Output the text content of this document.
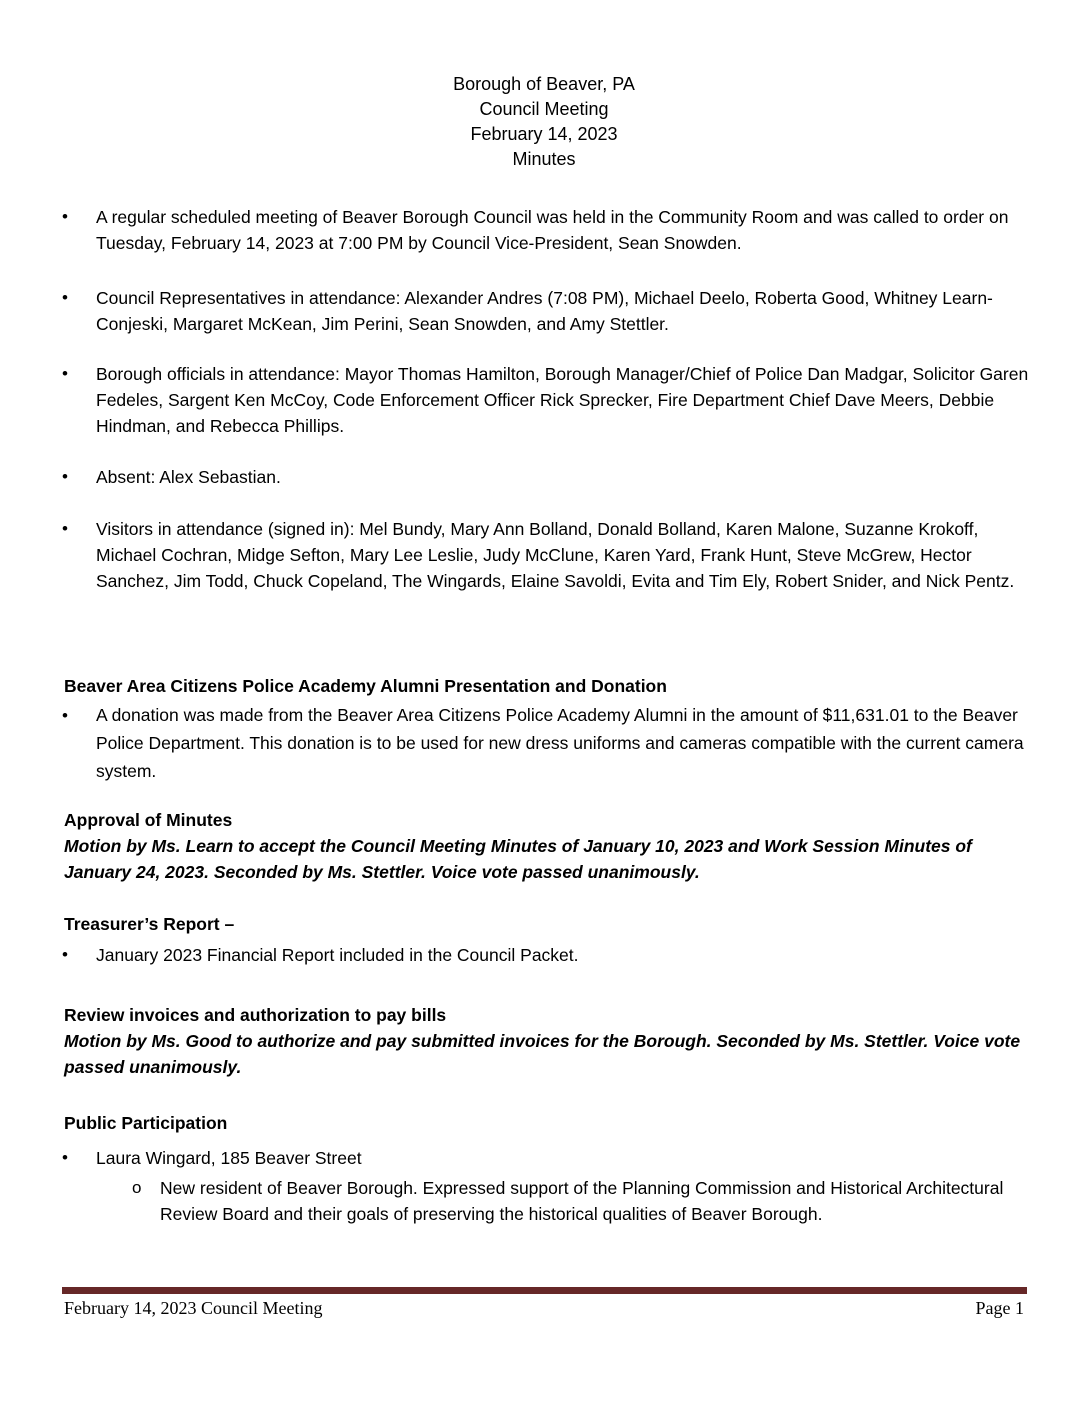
Borough of Beaver, PA
Council Meeting
February 14, 2023
Minutes
• A regular scheduled meeting of Beaver Borough Council was held in the Community Room and was called to order on Tuesday, February 14, 2023 at 7:00 PM by Council Vice-President, Sean Snowden.
• Council Representatives in attendance: Alexander Andres (7:08 PM), Michael Deelo, Roberta Good, Whitney Learn-Conjeski, Margaret McKean, Jim Perini, Sean Snowden, and Amy Stettler.
• Borough officials in attendance: Mayor Thomas Hamilton, Borough Manager/Chief of Police Dan Madgar, Solicitor Garen Fedeles, Sargent Ken McCoy, Code Enforcement Officer Rick Sprecker, Fire Department Chief Dave Meers, Debbie Hindman, and Rebecca Phillips.
• Absent: Alex Sebastian.
• Visitors in attendance (signed in): Mel Bundy, Mary Ann Bolland, Donald Bolland, Karen Malone, Suzanne Krokoff, Michael Cochran, Midge Sefton, Mary Lee Leslie, Judy McClune, Karen Yard, Frank Hunt, Steve McGrew, Hector Sanchez, Jim Todd, Chuck Copeland, The Wingards, Elaine Savoldi, Evita and Tim Ely, Robert Snider, and Nick Pentz.
Beaver Area Citizens Police Academy Alumni Presentation and Donation
• A donation was made from the Beaver Area Citizens Police Academy Alumni in the amount of $11,631.01 to the Beaver Police Department. This donation is to be used for new dress uniforms and cameras compatible with the current camera system.
Approval of Minutes
Motion by Ms. Learn to accept the Council Meeting Minutes of January 10, 2023 and Work Session Minutes of January 24, 2023. Seconded by Ms. Stettler. Voice vote passed unanimously.
Treasurer’s Report –
• January 2023 Financial Report included in the Council Packet.
Review invoices and authorization to pay bills
Motion by Ms. Good to authorize and pay submitted invoices for the Borough. Seconded by Ms. Stettler. Voice vote passed unanimously.
Public Participation
• Laura Wingard, 185 Beaver Street
o New resident of Beaver Borough. Expressed support of the Planning Commission and Historical Architectural Review Board and their goals of preserving the historical qualities of Beaver Borough.
February 14, 2023 Council Meeting	Page 1
